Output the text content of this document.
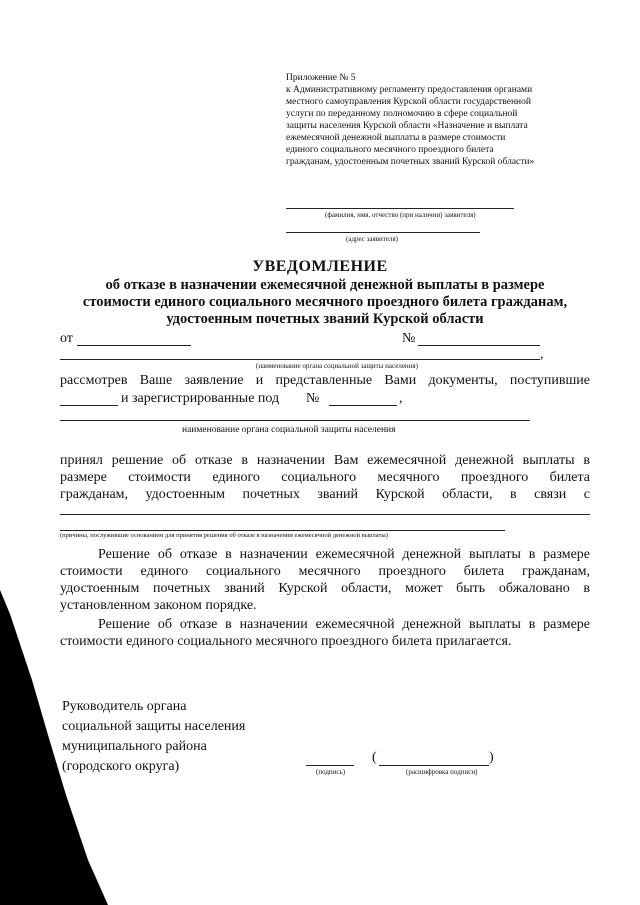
Приложение № 5
к Административному регламенту предоставления органами
местного самоуправления Курской области государственной
услуги по переданному полномочию в сфере социальной
защиты населения Курской области «Назначение и выплата
ежемесячной денежной выплаты в размере стоимости
единого социального месячного проездного билета
гражданам, удостоенным почетных званий Курской области»
(фамилия, имя, отчество (при наличии) заявителя)
(адрес заявителя)
УВЕДОМЛЕНИЕ
об отказе в назначении ежемесячной денежной выплаты в размере
стоимости единого социального месячного проездного билета гражданам,
удостоенным почетных званий Курской области
от	№
,
(наименование органа социальной защиты населения)
рассмотрев Ваше заявление и представленные Вами документы, поступившие
и зарегистрированные под №	,
наименование органа социальной защиты населения
принял решение об отказе в назначении Вам ежемесячной денежной выплаты в
размере стоимости единого социального месячного проездного билета
гражданам, удостоенным почетных званий Курской области, в связи с
(причины, послужившие основанием для принятия решения об отказе в назначении ежемесячной денежной выплаты)
Решение об отказе в назначении ежемесячной денежной выплаты в размере
стоимости единого социального месячного проездного билета гражданам,
удостоенным почетных званий Курской области, может быть обжаловано в
установленном законом порядке.
Решение об отказе в назначении ежемесячной денежной выплаты в размере
стоимости единого социального месячного проездного билета прилагается.
Руководитель органа
социальной защиты населения
муниципального района
(городского округа)	(подпись)
(	)
(расшифровка подписи)
